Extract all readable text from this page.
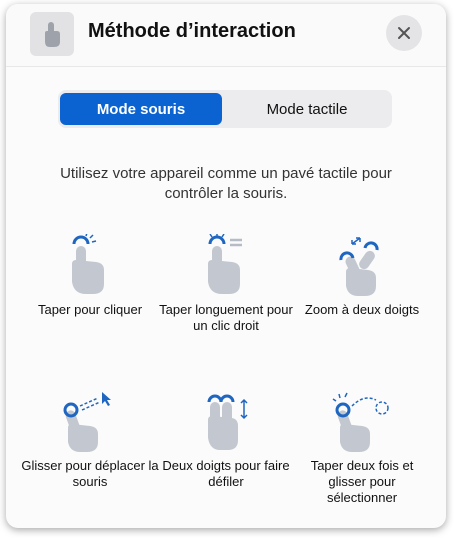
Méthode d’interaction
Mode souris	Mode tactile
Utilisez votre appareil comme un pavé tactile pour contrôler la souris.
Taper pour cliquer	Taper longuement pour un clic droit
Zoom à deux doigts
Glisser pour déplacer la souris
Deux doigts pour faire défiler
Taper deux fois et glisser pour sélectionner
